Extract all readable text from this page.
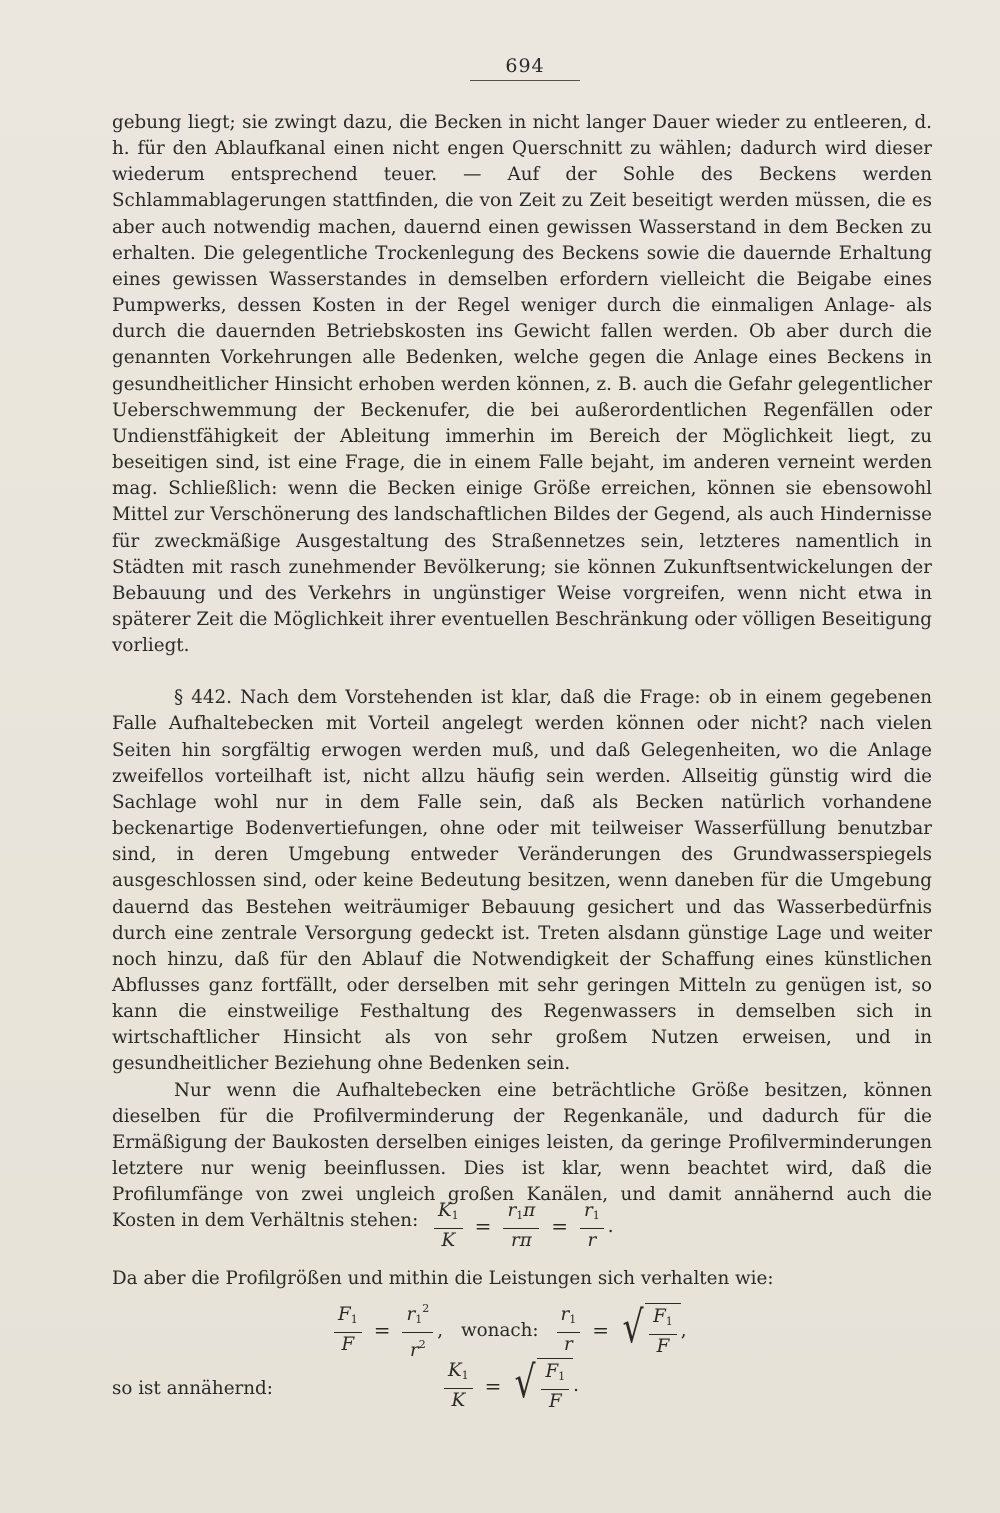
694

gebung liegt; sie zwingt dazu, die Becken in nicht langer Dauer wieder zu entleeren, d. h. für den Ablaufkanal einen nicht engen Querschnitt zu wählen; dadurch wird dieser wiederum entsprechend teuer. — Auf der Sohle des Beckens werden Schlammablagerungen stattfinden, die von Zeit zu Zeit beseitigt werden müssen, die es aber auch notwendig machen, dauernd einen gewissen Wasserstand in dem Becken zu erhalten. Die gelegentliche Trockenlegung des Beckens sowie die dauernde Erhaltung eines gewissen Wasserstandes in demselben erfordern vielleicht die Beigabe eines Pumpwerks, dessen Kosten in der Regel weniger durch die einmaligen Anlage- als durch die dauernden Betriebskosten ins Gewicht fallen werden. Ob aber durch die genannten Vorkehrungen alle Bedenken, welche gegen die Anlage eines Beckens in gesundheitlicher Hinsicht erhoben werden können, z. B. auch die Gefahr gelegentlicher Ueberschwemmung der Beckenufer, die bei außerordentlichen Regenfällen oder Undienstfähigkeit der Ableitung immerhin im Bereich der Möglichkeit liegt, zu beseitigen sind, ist eine Frage, die in einem Falle bejaht, im anderen verneint werden mag. Schließlich: wenn die Becken einige Größe erreichen, können sie ebensowohl Mittel zur Verschönerung des landschaftlichen Bildes der Gegend, als auch Hindernisse für zweckmäßige Ausgestaltung des Straßennetzes sein, letzteres namentlich in Städten mit rasch zunehmender Bevölkerung; sie können Zukunftsentwickelungen der Bebauung und des Verkehrs in ungünstiger Weise vorgreifen, wenn nicht etwa in späterer Zeit die Möglichkeit ihrer eventuellen Beschränkung oder völligen Beseitigung vorliegt.

§ 442. Nach dem Vorstehenden ist klar, daß die Frage: ob in einem gegebenen Falle Aufhaltebecken mit Vorteil angelegt werden können oder nicht? nach vielen Seiten hin sorgfältig erwogen werden muß, und daß Gelegenheiten, wo die Anlage zweifellos vorteilhaft ist, nicht allzu häufig sein werden. Allseitig günstig wird die Sachlage wohl nur in dem Falle sein, daß als Becken natürlich vorhandene beckenartige Bodenvertiefungen, ohne oder mit teilweiser Wasserfüllung benutzbar sind, in deren Umgebung entweder Veränderungen des Grundwasserspiegels ausgeschlossen sind, oder keine Bedeutung besitzen, wenn daneben für die Umgebung dauernd das Bestehen weiträumiger Bebauung gesichert und das Wasserbedürfnis durch eine zentrale Versorgung gedeckt ist. Treten alsdann günstige Lage und weiter noch hinzu, daß für den Ablauf die Notwendigkeit der Schaffung eines künstlichen Abflusses ganz fortfällt, oder derselben mit sehr geringen Mitteln zu genügen ist, so kann die einstweilige Festhaltung des Regenwassers in demselben sich in wirtschaftlicher Hinsicht als von sehr großem Nutzen erweisen, und in gesundheitlicher Beziehung ohne Bedenken sein.

Nur wenn die Aufhaltebecken eine beträchtliche Größe besitzen, können dieselben für die Profilverminderung der Regenkanäle, und dadurch für die Ermäßigung der Baukosten derselben einiges leisten, da geringe Profilverminderungen letztere nur wenig beeinflussen. Dies ist klar, wenn beachtet wird, daß die Profilumfänge von zwei ungleich großen Kanälen, und damit annähernd auch die Kosten in dem Verhältnis stehen: $\frac{K_1}{K} = \frac{r_1\pi}{r\pi} = \frac{r_1}{r}$ .
Da aber die Profilgrößen und mithin die Leistungen sich verhalten wie:
$\frac{F_1}{F} = \frac{r_1^2}{r^2}$ , wonach: $\frac{r_1}{r}$ = √ $\frac{F_1}{F}$ ,
so ist annähernd:	$\frac{K_1}{K}$ = √ $\frac{F_1}{F}$ .
